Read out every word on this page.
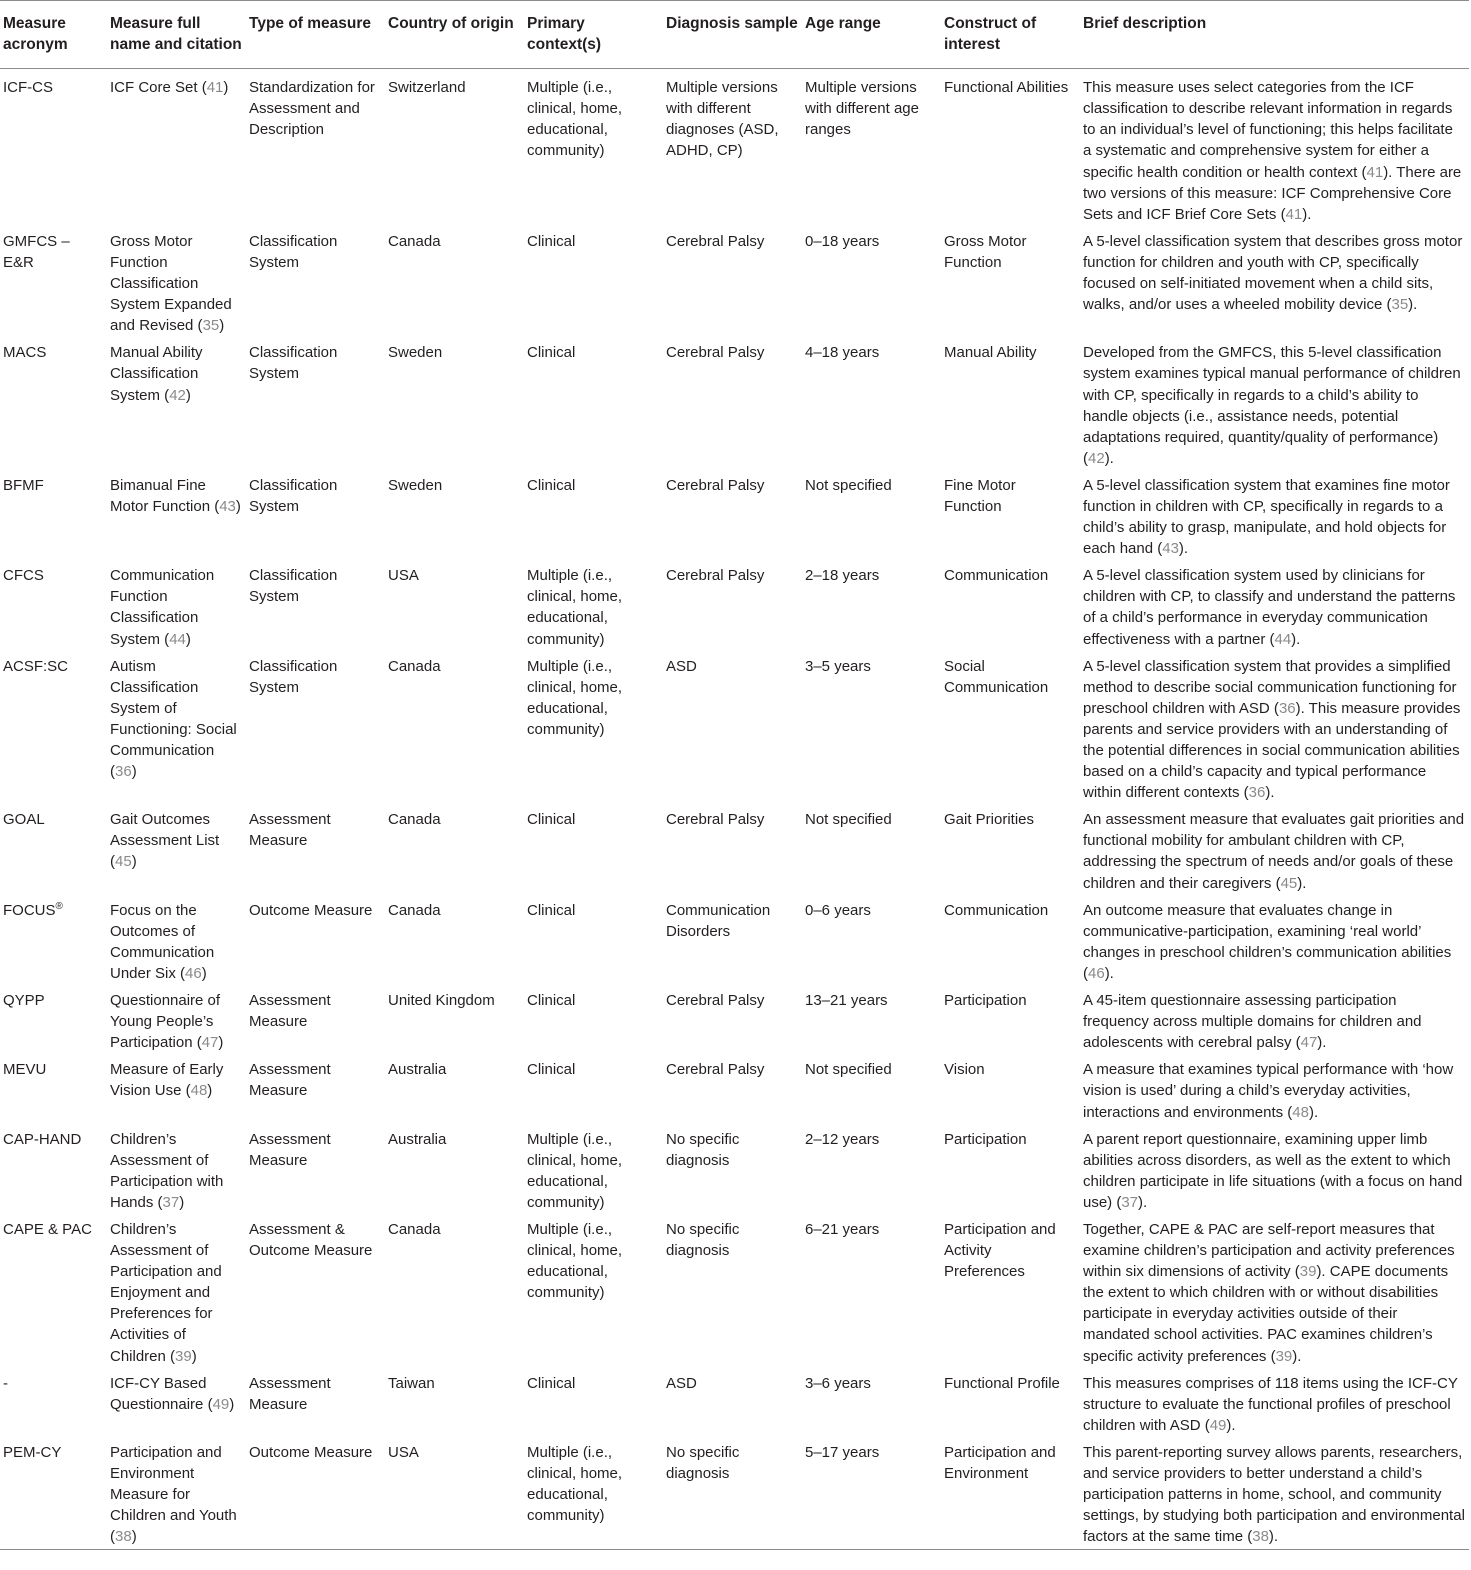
Measure acronym	Measure full name and citation	Type of measure	Country of origin	Primary context(s)	Diagnosis sample	Age range	Construct of interest	Brief description
ICF-CS	ICF Core Set (41)	Standardization for Assessment and Description	Switzerland	Multiple (i.e., clinical, home, educational, community)	Multiple versions with different diagnoses (ASD, ADHD, CP)	Multiple versions with different age ranges	Functional Abilities	This measure uses select categories from the ICF classification to describe relevant information in regards to an individual’s level of functioning; this helps facilitate a systematic and comprehensive system for either a specific health condition or health context (41). There are two versions of this measure: ICF Comprehensive Core Sets and ICF Brief Core Sets (41).
GMFCS – E&R	Gross Motor Function Classification System Expanded and Revised (35)	Classification System	Canada	Clinical	Cerebral Palsy	0–18 years	Gross Motor Function	A 5-level classification system that describes gross motor function for children and youth with CP, specifically focused on self-initiated movement when a child sits, walks, and/or uses a wheeled mobility device (35).
MACS	Manual Ability Classification System (42)	Classification System	Sweden	Clinical	Cerebral Palsy	4–18 years	Manual Ability	Developed from the GMFCS, this 5-level classification system examines typical manual performance of children with CP, specifically in regards to a child’s ability to handle objects (i.e., assistance needs, potential adaptations required, quantity/quality of performance) (42).
BFMF	Bimanual Fine Motor Function (43)	Classification System	Sweden	Clinical	Cerebral Palsy	Not specified	Fine Motor Function	A 5-level classification system that examines fine motor function in children with CP, specifically in regards to a child’s ability to grasp, manipulate, and hold objects for each hand (43).
CFCS	Communication Function Classification System (44)	Classification System	USA	Multiple (i.e., clinical, home, educational, community)	Cerebral Palsy	2–18 years	Communication	A 5-level classification system used by clinicians for children with CP, to classify and understand the patterns of a child’s performance in everyday communication effectiveness with a partner (44).
ACSF:SC	Autism Classification System of Functioning: Social Communication (36)	Classification System	Canada	Multiple (i.e., clinical, home, educational, community)	ASD	3–5 years	Social Communication	A 5-level classification system that provides a simplified method to describe social communication functioning for preschool children with ASD (36). This measure provides parents and service providers with an understanding of the potential differences in social communication abilities based on a child’s capacity and typical performance within different contexts (36).
GOAL	Gait Outcomes Assessment List (45)	Assessment Measure	Canada	Clinical	Cerebral Palsy	Not specified	Gait Priorities	An assessment measure that evaluates gait priorities and functional mobility for ambulant children with CP, addressing the spectrum of needs and/or goals of these children and their caregivers (45).
FOCUS®	Focus on the Outcomes of Communication Under Six (46)	Outcome Measure	Canada	Clinical	Communication Disorders	0–6 years	Communication	An outcome measure that evaluates change in communicative-participation, examining ‘real world’ changes in preschool children’s communication abilities (46).
QYPP	Questionnaire of Young People’s Participation (47)	Assessment Measure	United Kingdom	Clinical	Cerebral Palsy	13–21 years	Participation	A 45-item questionnaire assessing participation frequency across multiple domains for children and adolescents with cerebral palsy (47).
MEVU	Measure of Early Vision Use (48)	Assessment Measure	Australia	Clinical	Cerebral Palsy	Not specified	Vision	A measure that examines typical performance with ‘how vision is used’ during a child’s everyday activities, interactions and environments (48).
CAP-HAND	Children’s Assessment of Participation with Hands (37)	Assessment Measure	Australia	Multiple (i.e., clinical, home, educational, community)	No specific diagnosis	2–12 years	Participation	A parent report questionnaire, examining upper limb abilities across disorders, as well as the extent to which children participate in life situations (with a focus on hand use) (37).
CAPE & PAC	Children’s Assessment of Participation and Enjoyment and Preferences for Activities of Children (39)	Assessment & Outcome Measure	Canada	Multiple (i.e., clinical, home, educational, community)	No specific diagnosis	6–21 years	Participation and Activity Preferences	Together, CAPE & PAC are self-report measures that examine children’s participation and activity preferences within six dimensions of activity (39). CAPE documents the extent to which children with or without disabilities participate in everyday activities outside of their mandated school activities. PAC examines children’s specific activity preferences (39).
-	ICF-CY Based Questionnaire (49)	Assessment Measure	Taiwan	Clinical	ASD	3–6 years	Functional Profile	This measures comprises of 118 items using the ICF-CY structure to evaluate the functional profiles of preschool children with ASD (49).
PEM-CY	Participation and Environment Measure for Children and Youth (38)	Outcome Measure	USA	Multiple (i.e., clinical, home, educational, community)	No specific diagnosis	5–17 years	Participation and Environment	This parent-reporting survey allows parents, researchers, and service providers to better understand a child’s participation patterns in home, school, and community settings, by studying both participation and environmental factors at the same time (38).
